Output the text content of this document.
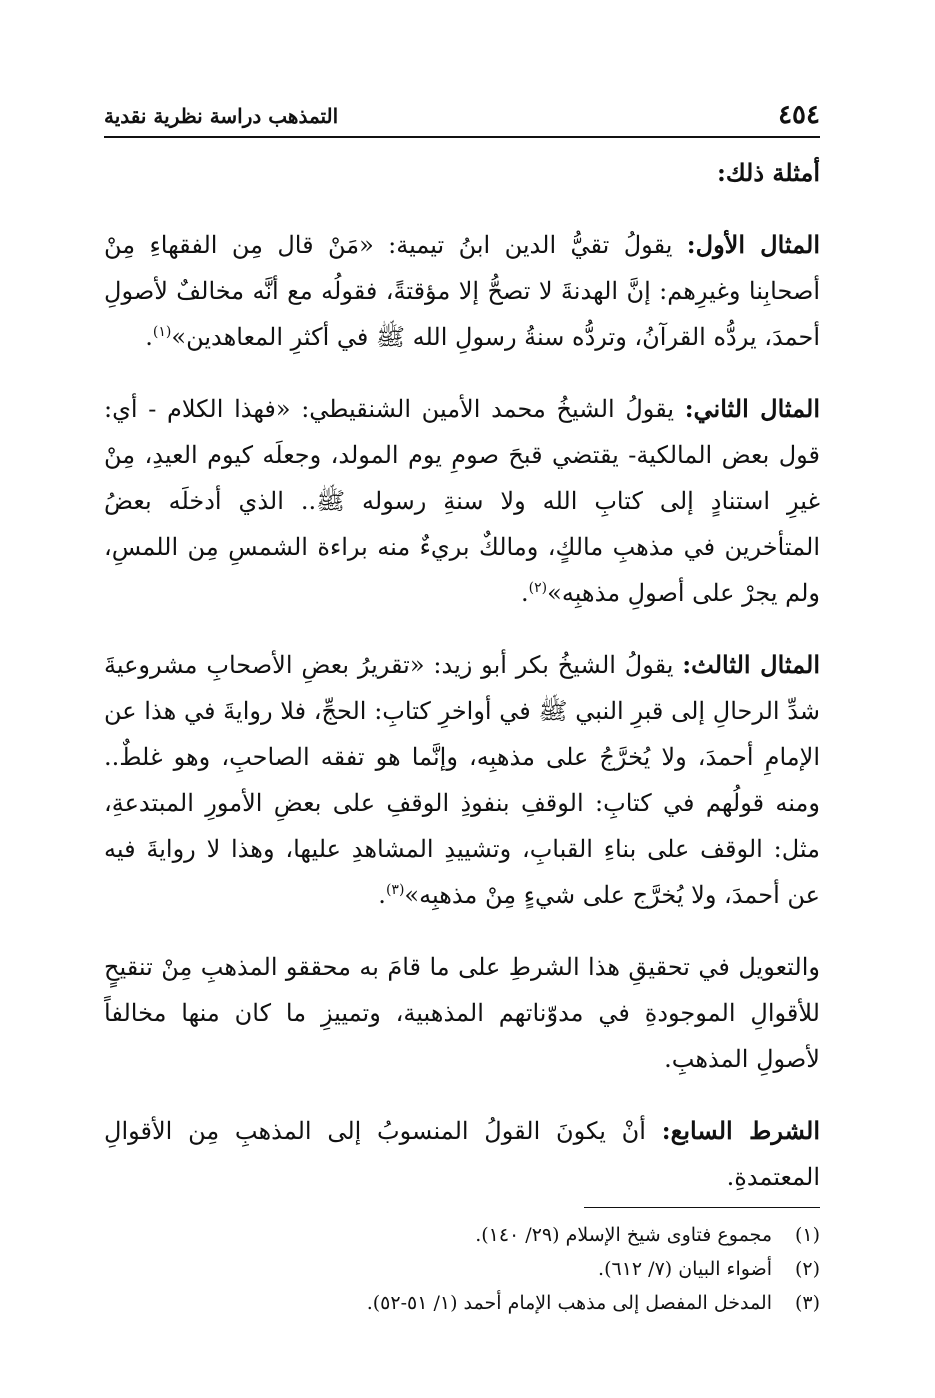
٤٥٤
التمذهب دراسة نظرية نقدية

أمثلة ذلك:

المثال الأول: يقولُ تقيُّ الدين ابنُ تيمية: «مَنْ قال مِن الفقهاءِ مِنْ أصحابِنا وغيرِهم: إنَّ الهدنةَ لا تصحُّ إلا مؤقتةً، فقولُه مع أنَّه مخالفٌ لأصولِ أحمدَ، يردُّه القرآنُ، وتردُّه سنةُ رسولِ الله ﷺ في أكثرِ المعاهدين»$^{(١)}$.

المثال الثاني: يقولُ الشيخُ محمد الأمين الشنقيطي: «فهذا الكلام - أي: قول بعض المالكية- يقتضي قبحَ صومِ يوم المولد، وجعلَه كيوم العيدِ، مِنْ غيرِ استنادٍ إلى كتابِ الله ولا سنةِ رسوله ﷺ.. الذي أدخلَه بعضُ المتأخرين في مذهبِ مالكٍ، ومالكٌ بريءٌ منه براءة الشمسِ مِن اللمسِ، ولم يجرْ على أصولِ مذهبِه»$^{(٢)}$.

المثال الثالث: يقولُ الشيخُ بكر أبو زيد: «تقريرُ بعضِ الأصحابِ مشروعيةَ شدِّ الرحالِ إلى قبرِ النبي ﷺ في أواخرِ كتابِ: الحجِّ، فلا روايةَ في هذا عن الإمامِ أحمدَ، ولا يُخرَّجُ على مذهبِه، وإنَّما هو تفقه الصاحبِ، وهو غلطٌ.. ومنه قولُهم في كتابِ: الوقفِ بنفوذِ الوقفِ على بعضِ الأمورِ المبتدعةِ، مثل: الوقف على بناءِ القبابِ، وتشييدِ المشاهدِ عليها، وهذا لا روايةَ فيه عن أحمدَ، ولا يُخرَّج على شيءٍ مِنْ مذهبِه»$^{(٣)}$.

والتعويل في تحقيقِ هذا الشرطِ على ما قامَ به محققو المذهبِ مِنْ تنقيحٍ للأقوالِ الموجودةِ في مدوّناتهم المذهبية، وتمييزِ ما كان منها مخالفاً لأصولِ المذهبِ.

الشرط السابع: أنْ يكونَ القولُ المنسوبُ إلى المذهبِ مِن الأقوالِ المعتمدةِ.

(١)
مجموع فتاوى شيخ الإسلام (٢٩/ ١٤٠).
(٢)
أضواء البيان (٧/ ٦١٢).
(٣)
المدخل المفصل إلى مذهب الإمام أحمد (١/ ٥١-٥٢).
